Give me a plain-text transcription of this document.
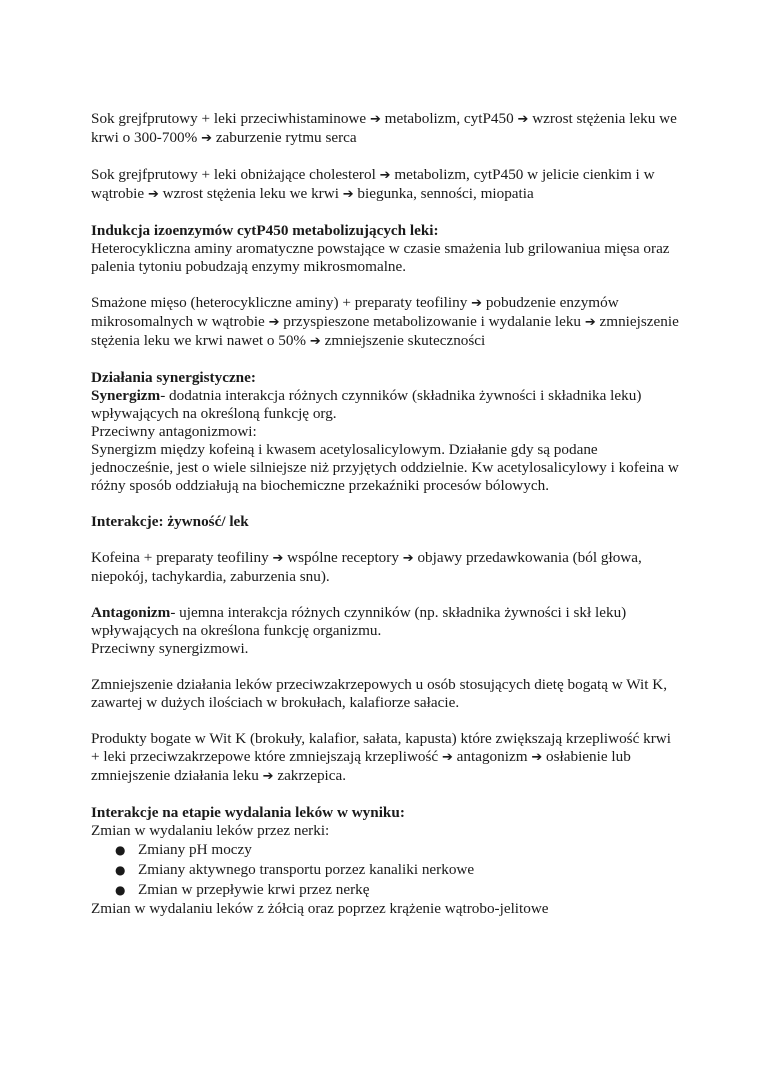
Sok grejfprutowy + leki przeciwhistaminowe ➔ metabolizm, cytP450 ➔ wzrost stężenia leku we krwi o 300-700% ➔ zaburzenie rytmu serca

Sok grejfprutowy + leki obniżające cholesterol ➔ metabolizm, cytP450 w jelicie cienkim i w wątrobie ➔ wzrost stężenia leku we krwi ➔ biegunka, senności, miopatia

Indukcja izoenzymów cytP450 metabolizujących leki:

Heterocykliczna aminy aromatyczne powstające w czasie smażenia lub grilowaniua mięsa oraz palenia tytoniu pobudzają enzymy mikrosmomalne.

Smażone mięso (heterocykliczne aminy) + preparaty teofiliny ➔ pobudzenie enzymów mikrosomalnych w wątrobie ➔ przyspieszone metabolizowanie i wydalanie leku ➔ zmniejszenie stężenia leku we krwi nawet o 50% ➔ zmniejszenie skuteczności

Działania synergistyczne:

Synergizm- dodatnia interakcja różnych czynników (składnika żywności i składnika leku) wpływających na określoną funkcję org.

Przeciwny antagonizmowi:

Synergizm między kofeiną i kwasem acetylosalicylowym. Działanie gdy są podane jednocześnie, jest o wiele silniejsze niż przyjętych oddzielnie. Kw acetylosalicylowy i kofeina w różny sposób oddziałują na biochemiczne przekaźniki procesów bólowych.

Interakcje: żywność/ lek

Kofeina + preparaty teofiliny ➔ wspólne receptory ➔ objawy przedawkowania (ból głowa, niepokój, tachykardia, zaburzenia snu).

Antagonizm- ujemna interakcja różnych czynników (np. składnika żywności i skł leku) wpływających na określona funkcję organizmu.

Przeciwny synergizmowi.

Zmniejszenie działania leków przeciwzakrzepowych u osób stosujących dietę bogatą w Wit K, zawartej w dużych ilościach w brokułach, kalafiorze sałacie.

Produkty bogate w Wit K (brokuły, kalafior, sałata, kapusta) które zwiększają krzepliwość krwi + leki przeciwzakrzepowe które zmniejszają krzepliwość ➔ antagonizm ➔ osłabienie lub zmniejszenie działania leku ➔ zakrzepica.

Interakcje na etapie wydalania leków w wyniku:

Zmian w wydalaniu leków przez nerki:

● Zmiany pH moczy
● Zmiany aktywnego transportu porzez kanaliki nerkowe
● Zmian w przepływie krwi przez nerkę

Zmian w wydalaniu leków z żółcią oraz poprzez krążenie wątrobo-jelitowe
